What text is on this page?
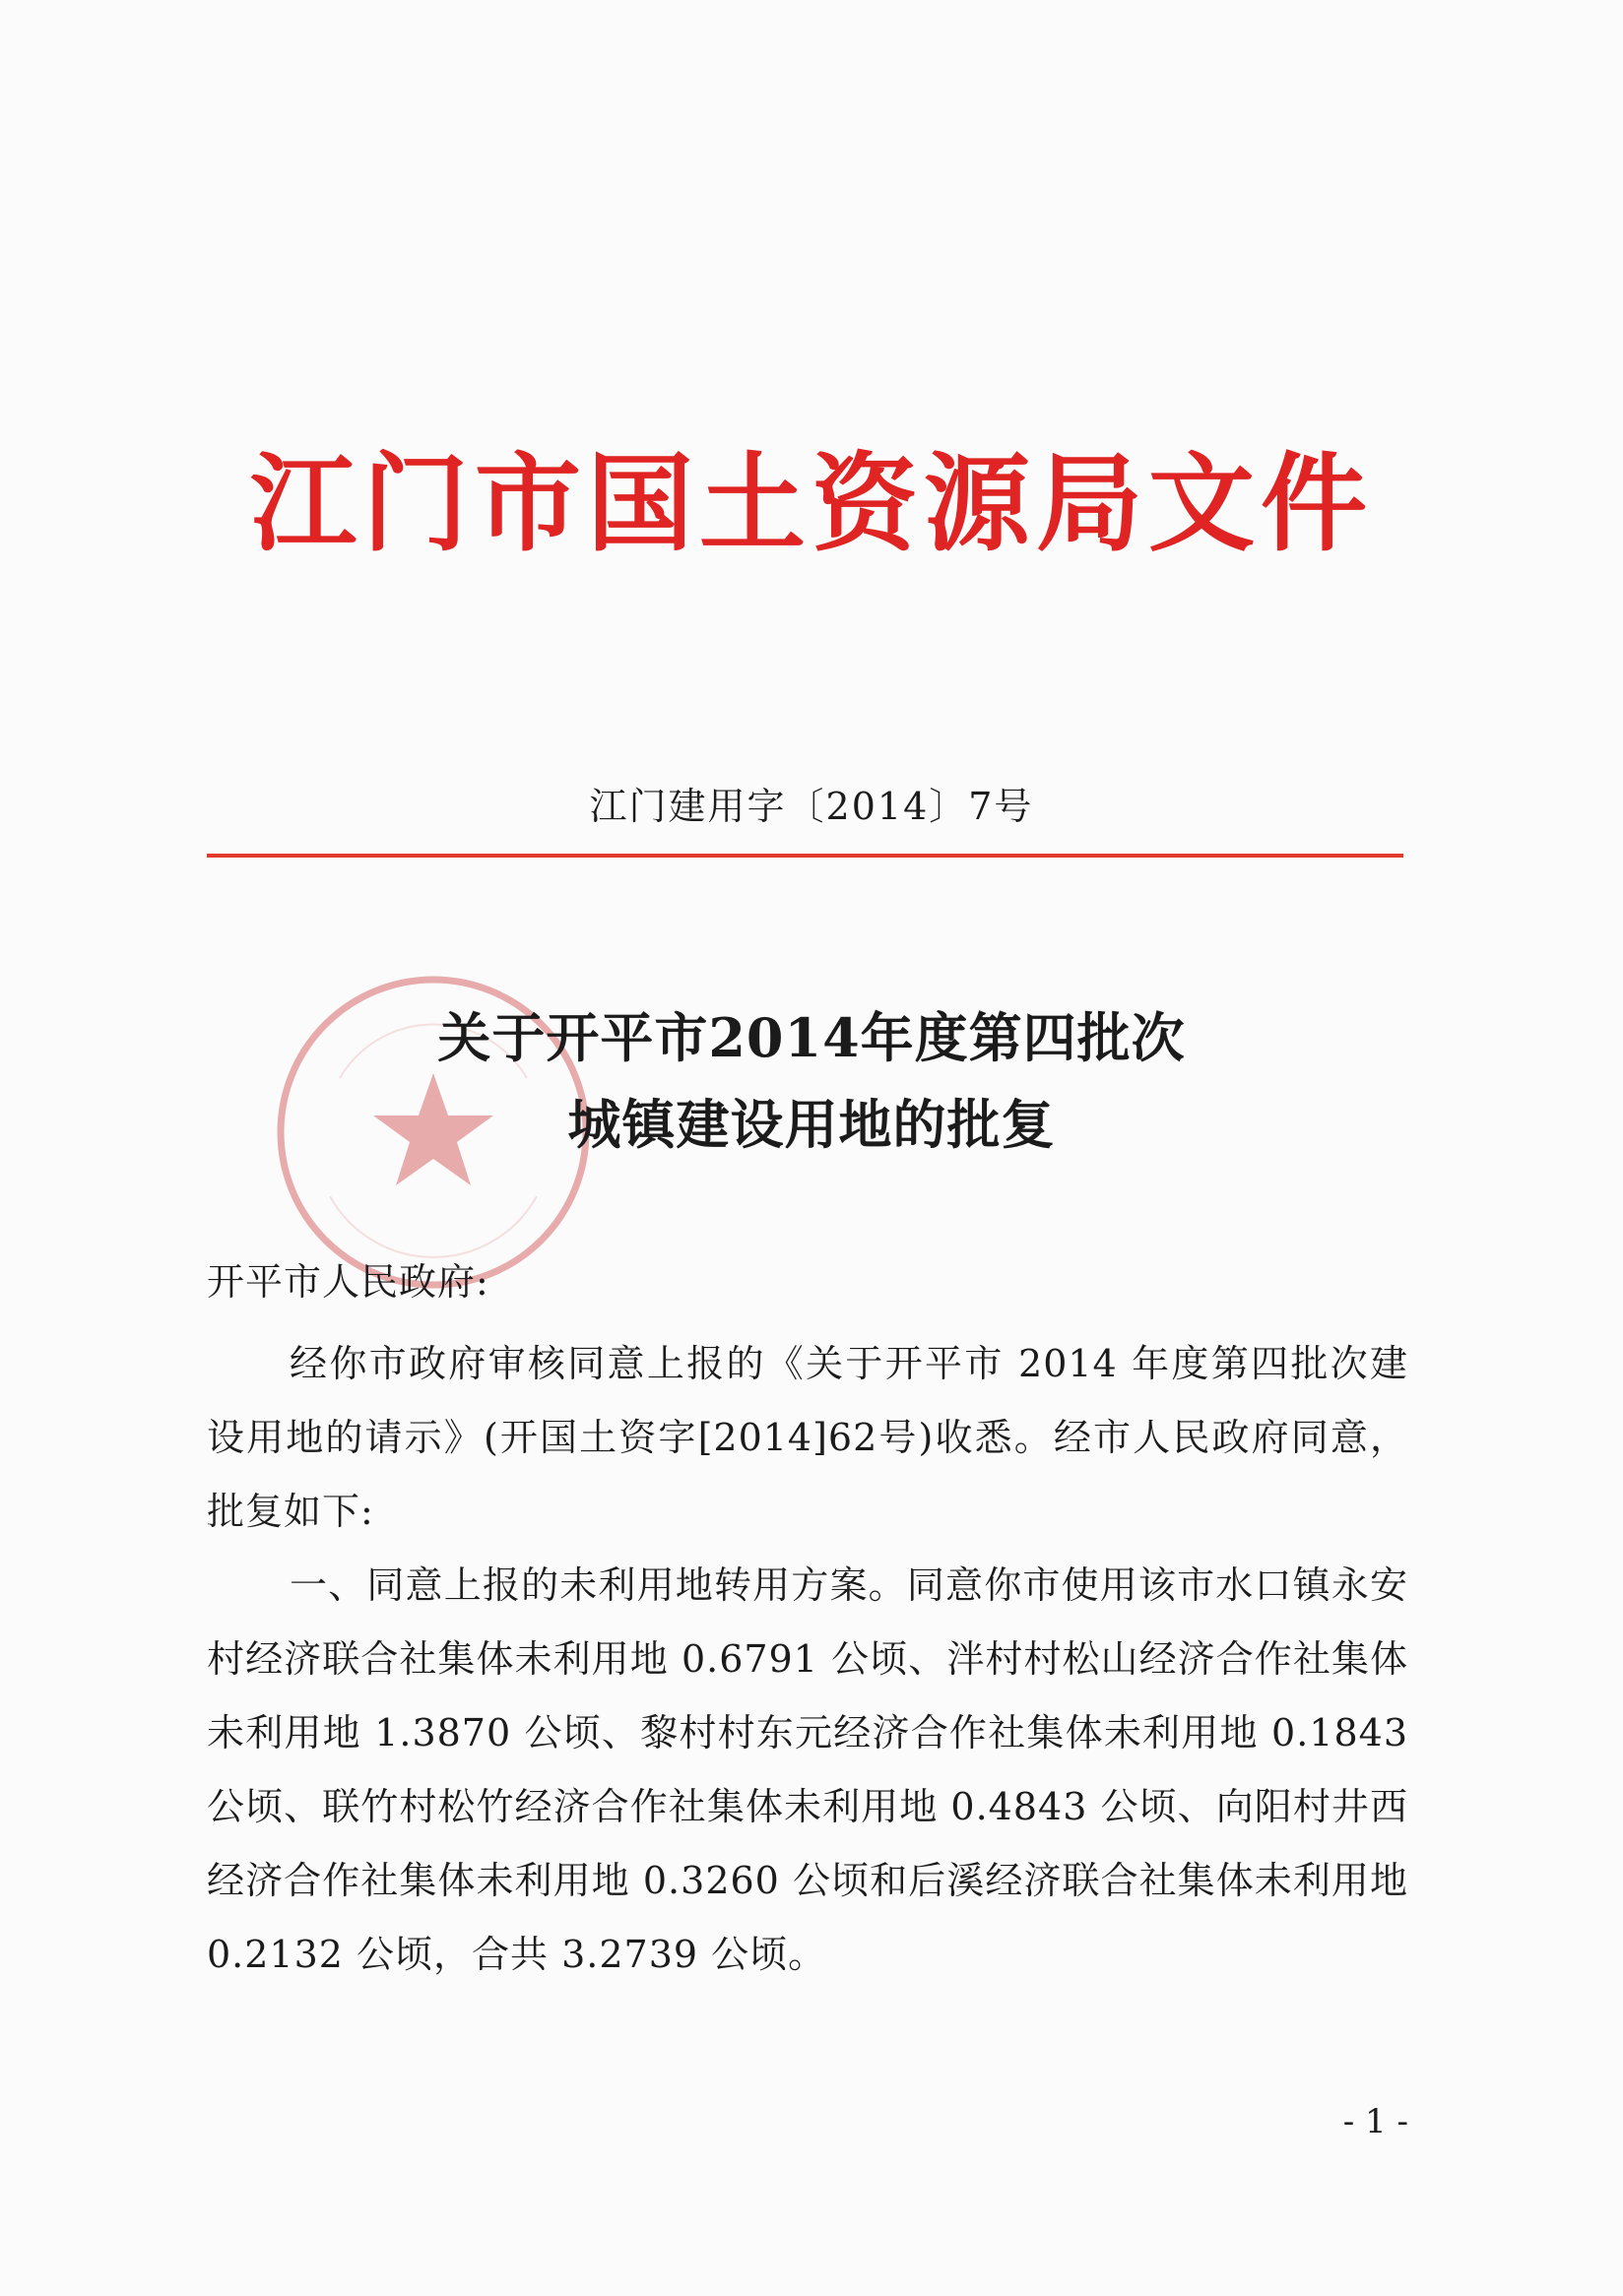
江门市国土资源局文件
江门建用字〔2014〕7号
关于开平市2014年度第四批次
城镇建设用地的批复
开平市人民政府:

经你市政府审核同意上报的《关于开平市 2014 年度第四批次建设用地的请示》(开国土资字[2014]62号)收悉。经市人民政府同意，批复如下:

一、同意上报的未利用地转用方案。同意你市使用该市水口镇永安村经济联合社集体未利用地 0.6791 公顷、泮村村松山经济合作社集体未利用地 1.3870 公顷、黎村村东元经济合作社集体未利用地 0.1843 公顷、联竹村松竹经济合作社集体未利用地 0.4843 公顷、向阳村井西经济合作社集体未利用地 0.3260 公顷和后溪经济联合社集体未利用地 0.2132 公顷，合共 3.2739 公顷。

- 1 -
